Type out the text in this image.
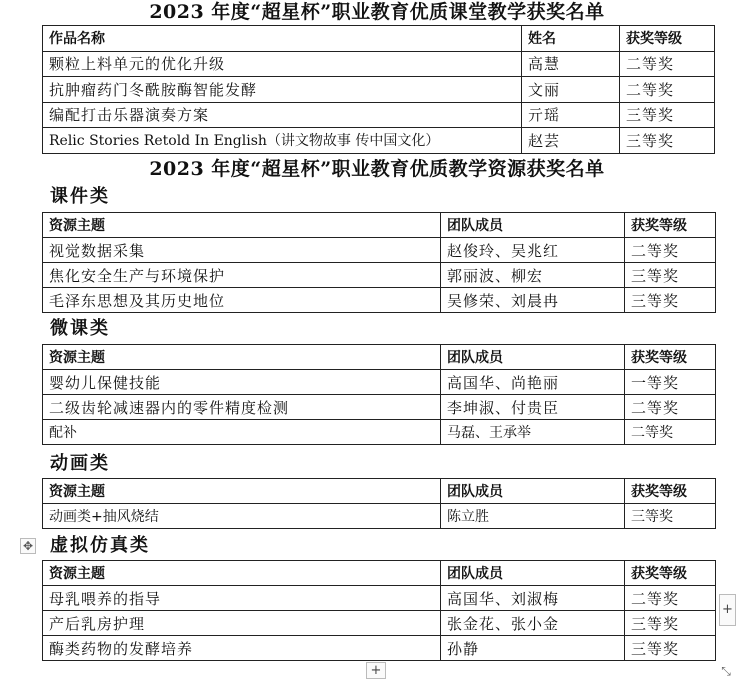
2023 年度“超星杯”职业教育优质课堂教学获奖名单
作品名称	姓名	获奖等级
颗粒上料单元的优化升级	高慧	二等奖
抗肿瘤药门冬酰胺酶智能发酵	文丽	二等奖
编配打击乐器演奏方案	亓瑶	三等奖
Relic Stories Retold In English（讲文物故事 传中国文化）	赵芸	三等奖
2023 年度“超星杯”职业教育优质教学资源获奖名单
课件类
资源主题	团队成员	获奖等级
视觉数据采集	赵俊玲、吴兆红	二等奖
焦化安全生产与环境保护	郭丽波、柳宏	三等奖
毛泽东思想及其历史地位	吴修荣、刘晨冉	三等奖
微课类
资源主题	团队成员	获奖等级
婴幼儿保健技能	高国华、尚艳丽	一等奖
二级齿轮减速器内的零件精度检测	李坤淑、付贵臣	二等奖
配补	马磊、王承举	二等奖
动画类
资源主题	团队成员	获奖等级
动画类+抽风烧结	陈立胜	三等奖
✥ 虚拟仿真类
资源主题	团队成员	获奖等级
母乳喂养的指导	高国华、刘淑梅	二等奖
产后乳房护理	张金花、张小金	三等奖
酶类药物的发酵培养	孙静	三等奖
+
+	⤡
